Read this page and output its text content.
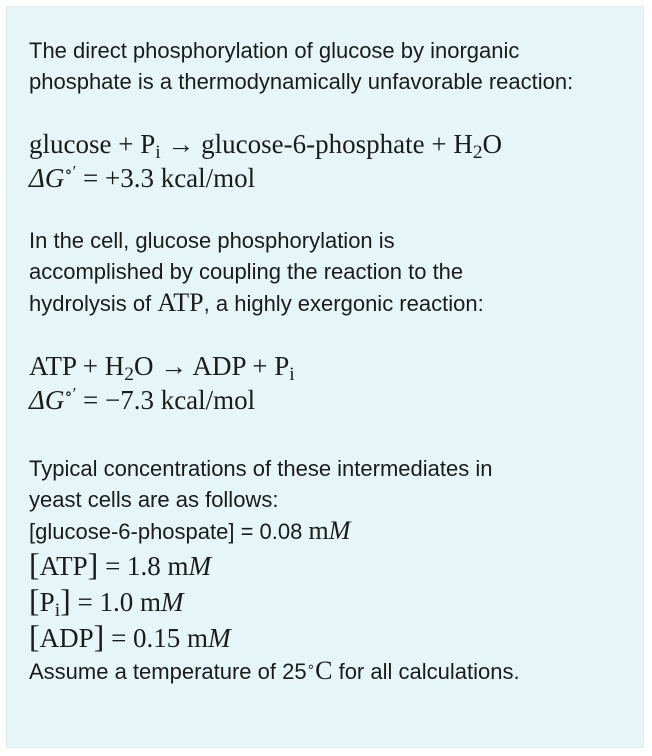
The direct phosphorylation of glucose by inorganic phosphate is a thermodynamically unfavorable reaction:

$glucose + P_i$ → glucose-6-phosphate + $H_2O$

ΔG∘′ = +3.3 kcal/mol

In the cell, glucose phosphorylation is
accomplished by coupling the reaction to the
hydrolysis of ATP, a highly exergonic reaction:

ATP + $H_2O$ → ADP + $P_i$

ΔG∘′ = −7.3 kcal/mol

Typical concentrations of these intermediates in

yeast cells are as follows:

[glucose-6-phospate] = 0.08 mM

[ATP] = 1.8 mM

$[P_i] = 1.0$ mM

[ADP] = 0.15 mM

Assume a temperature of 25∘C for all calculations.
